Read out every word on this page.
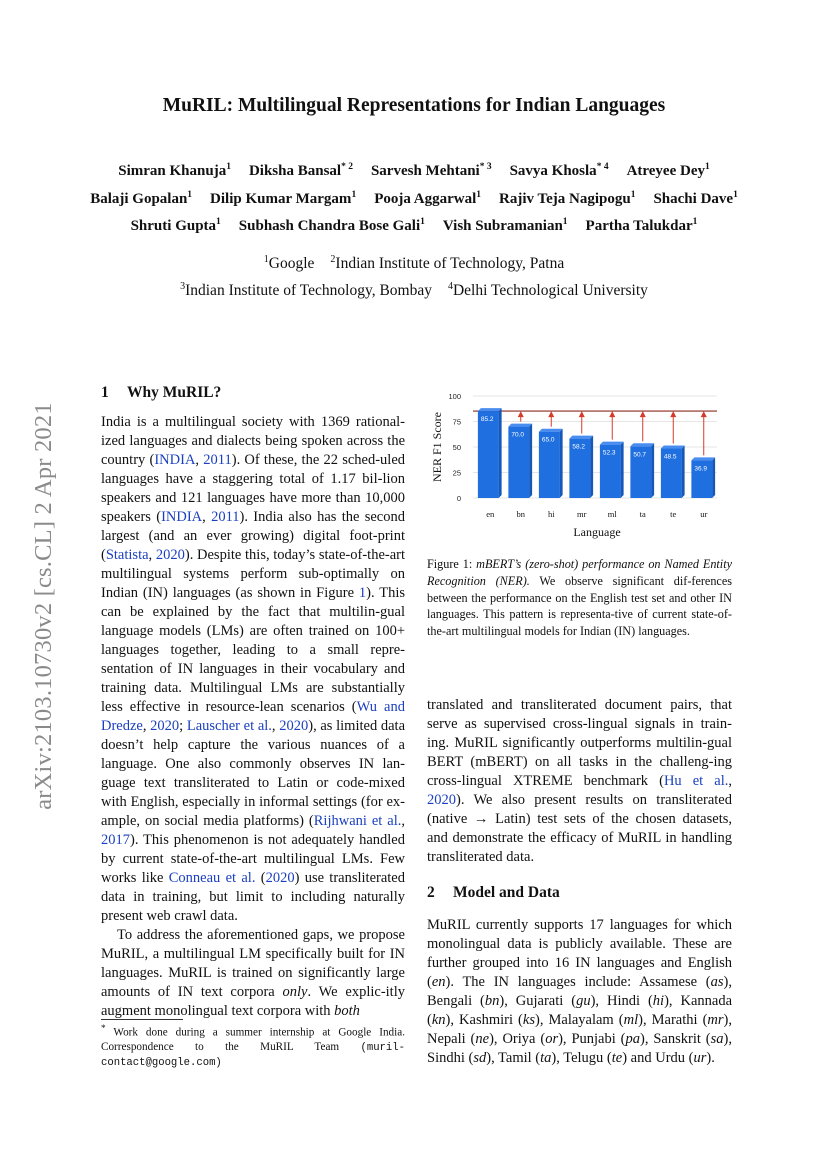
arXiv:2103.10730v2 [cs.CL] 2 Apr 2021
MuRIL: Multilingual Representations for Indian Languages
Simran Khanuja$^1$ Diksha Bansal$^{* 2}$ Sarvesh Mehtani$^{* 3}$ Savya Khosla$^{* 4}$ Atreyee Dey$^1$
Balaji Gopalan$^1$ Dilip Kumar Margam$^1$ Pooja Aggarwal$^1$ Rajiv Teja Nagipogu$^1$ Shachi Dave$^1$
Shruti Gupta$^1$ Subhash Chandra Bose Gali$^1$ Vish Subramanian$^1$ Partha Talukdar$^1$
$^1$Google $^2$Indian Institute of Technology, Patna
$^3$Indian Institute of Technology, Bombay $^4$Delhi Technological University
1 Why MuRIL?

India is a multilingual society with 1369 rational-ized languages and dialects being spoken across the country (INDIA, 2011). Of these, the 22 sched-uled languages have a staggering total of 1.17 bil-lion speakers and 121 languages have more than 10,000 speakers (INDIA, 2011). India also has the second largest (and an ever growing) digital foot-print (Statista, 2020). Despite this, today’s state-of-the-art multilingual systems perform sub-optimally on Indian (IN) languages (as shown in Figure 1). This can be explained by the fact that multilin-gual language models (LMs) are often trained on 100+ languages together, leading to a small repre-sentation of IN languages in their vocabulary and training data. Multilingual LMs are substantially less effective in resource-lean scenarios (Wu and Dredze, 2020; Lauscher et al., 2020), as limited data doesn’t help capture the various nuances of a language. One also commonly observes IN lan-guage text transliterated to Latin or code-mixed with English, especially in informal settings (for ex-ample, on social media platforms) (Rijhwani et al., 2017). This phenomenon is not adequately handled by current state-of-the-art multilingual LMs. Few works like Conneau et al. (2020) use transliterated data in training, but limit to including naturally present web crawl data.

To address the aforementioned gaps, we propose MuRIL, a multilingual LM specifically built for IN languages. MuRIL is trained on significantly large amounts of IN text corpora only. We explic-itly augment monolingual text corpora with both

* Work done during a summer internship at Google India. Correspondence to the MuRIL Team (muril-contact@google.com)
0
25
50
75
100
85.2
en
70.0
bn
65.0
hi
58.2
mr
52.3
ml
50.7
ta
48.5
te
36.9
ur
Language
NER F1 Score
Figure 1: mBERT’s (zero-shot) performance on Named Entity Recognition (NER). We observe significant dif-ferences between the performance on the English test set and other IN languages. This pattern is representa-tive of current state-of-the-art multilingual models for Indian (IN) languages.

translated and transliterated document pairs, that serve as supervised cross-lingual signals in train-ing. MuRIL significantly outperforms multilin-gual BERT (mBERT) on all tasks in the challeng-ing cross-lingual XTREME benchmark (Hu et al., 2020). We also present results on transliterated (native → Latin) test sets of the chosen datasets, and demonstrate the efficacy of MuRIL in handling transliterated data.

2 Model and Data

MuRIL currently supports 17 languages for which monolingual data is publicly available. These are further grouped into 16 IN languages and English (en). The IN languages include: Assamese (as), Bengali (bn), Gujarati (gu), Hindi (hi), Kannada (kn), Kashmiri (ks), Malayalam (ml), Marathi (mr), Nepali (ne), Oriya (or), Punjabi (pa), Sanskrit (sa), Sindhi (sd), Tamil (ta), Telugu (te) and Urdu (ur).
